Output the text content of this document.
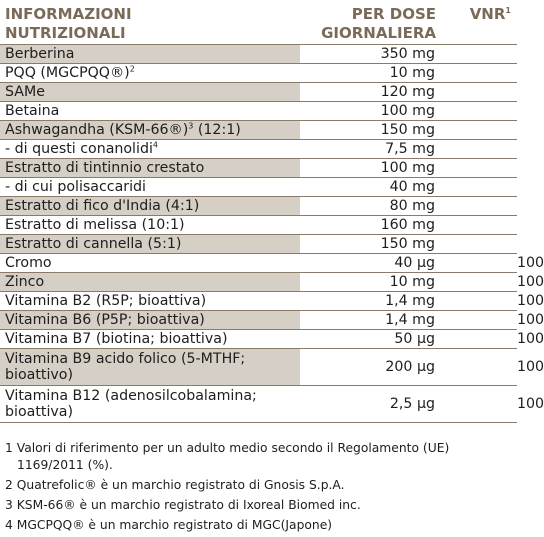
INFORMAZIONI NUTRIZIONALI
PER DOSE GIORNALIERA
VNR$^1$
Berberina	350 mg	
PQQ (MGCPQQ®)$^2$	10 mg	
SAMe	120 mg	
Betaina	100 mg	
Ashwagandha (KSM-66®)$^3$ (12:1)	150 mg	
- di questi conanolidi$^4$	7,5 mg	
Estratto di tintinnio crestato	100 mg	
- di cui polisaccaridi	40 mg	
Estratto di fico d'India (4:1)	80 mg	
Estratto di melissa (10:1)	160 mg	
Estratto di cannella (5:1)	150 mg	
Cromo	40 µg	100
Zinco	10 mg	100
Vitamina B2 (R5P; bioattiva)	1,4 mg	100
Vitamina B6 (P5P; bioattiva)	1,4 mg	100
Vitamina B7 (biotina; bioattiva)	50 µg	100
Vitamina B9 acido folico (5-MTHF; bioattivo)	200 µg	100
Vitamina B12 (adenosilcobalamina; bioattiva)	2,5 µg	100

1 Valori di riferimento per un adulto medio secondo il Regolamento (UE) 1169/2011 (%).

2 Quatrefolic® è un marchio registrato di Gnosis S.p.A.

3 KSM-66® è un marchio registrato di Ixoreal Biomed inc.

4 MGCPQQ® è un marchio registrato di MGC(Japone)
